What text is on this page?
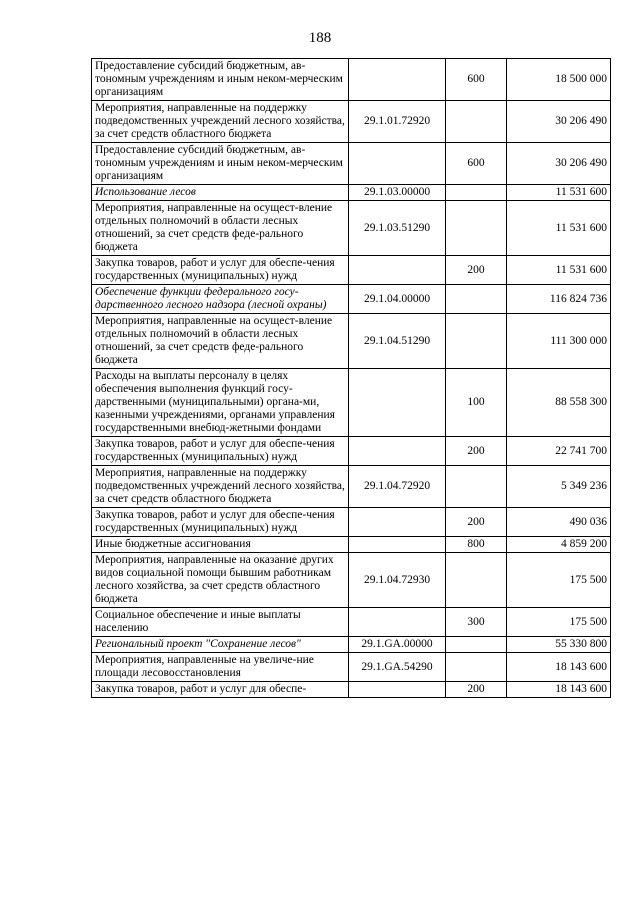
188
Предоставление субсидий бюджетным, ав-тономным учреждениям и иным неком-мерческим организациям		600	18 500 000
Мероприятия, направленные на поддержку подведомственных учреждений лесного хозяйства, за счет средств областного бюджета	29.1.01.72920		30 206 490
Предоставление субсидий бюджетным, ав-тономным учреждениям и иным неком-мерческим организациям		600	30 206 490
Использование лесов	29.1.03.00000		11 531 600
Мероприятия, направленные на осущест-вление отдельных полномочий в области лесных отношений, за счет средств феде-рального бюджета	29.1.03.51290		11 531 600
Закупка товаров, работ и услуг для обеспе-чения государственных (муниципальных) нужд		200	11 531 600
Обеспечение функции федерального госу-дарственного лесного надзора (лесной охраны)	29.1.04.00000		116 824 736
Мероприятия, направленные на осущест-вление отдельных полномочий в области лесных отношений, за счет средств феде-рального бюджета	29.1.04.51290		111 300 000
Расходы на выплаты персоналу в целях обеспечения выполнения функций госу-дарственными (муниципальными) органа-ми, казенными учреждениями, органами управления государственными внебюд-жетными фондами		100	88 558 300
Закупка товаров, работ и услуг для обеспе-чения государственных (муниципальных) нужд		200	22 741 700
Мероприятия, направленные на поддержку подведомственных учреждений лесного хозяйства, за счет средств областного бюджета	29.1.04.72920		5 349 236
Закупка товаров, работ и услуг для обеспе-чения государственных (муниципальных) нужд		200	490 036
Иные бюджетные ассигнования		800	4 859 200
Мероприятия, направленные на оказание других видов социальной помощи бывшим работникам лесного хозяйства, за счет средств областного бюджета	29.1.04.72930		175 500
Социальное обеспечение и иные выплаты населению		300	175 500
Региональный проект "Сохранение лесов"	29.1.GA.00000		55 330 800
Мероприятия, направленные на увеличе-ние площади лесовосстановления	29.1.GA.54290		18 143 600
Закупка товаров, работ и услуг для обеспе-		200	18 143 600
